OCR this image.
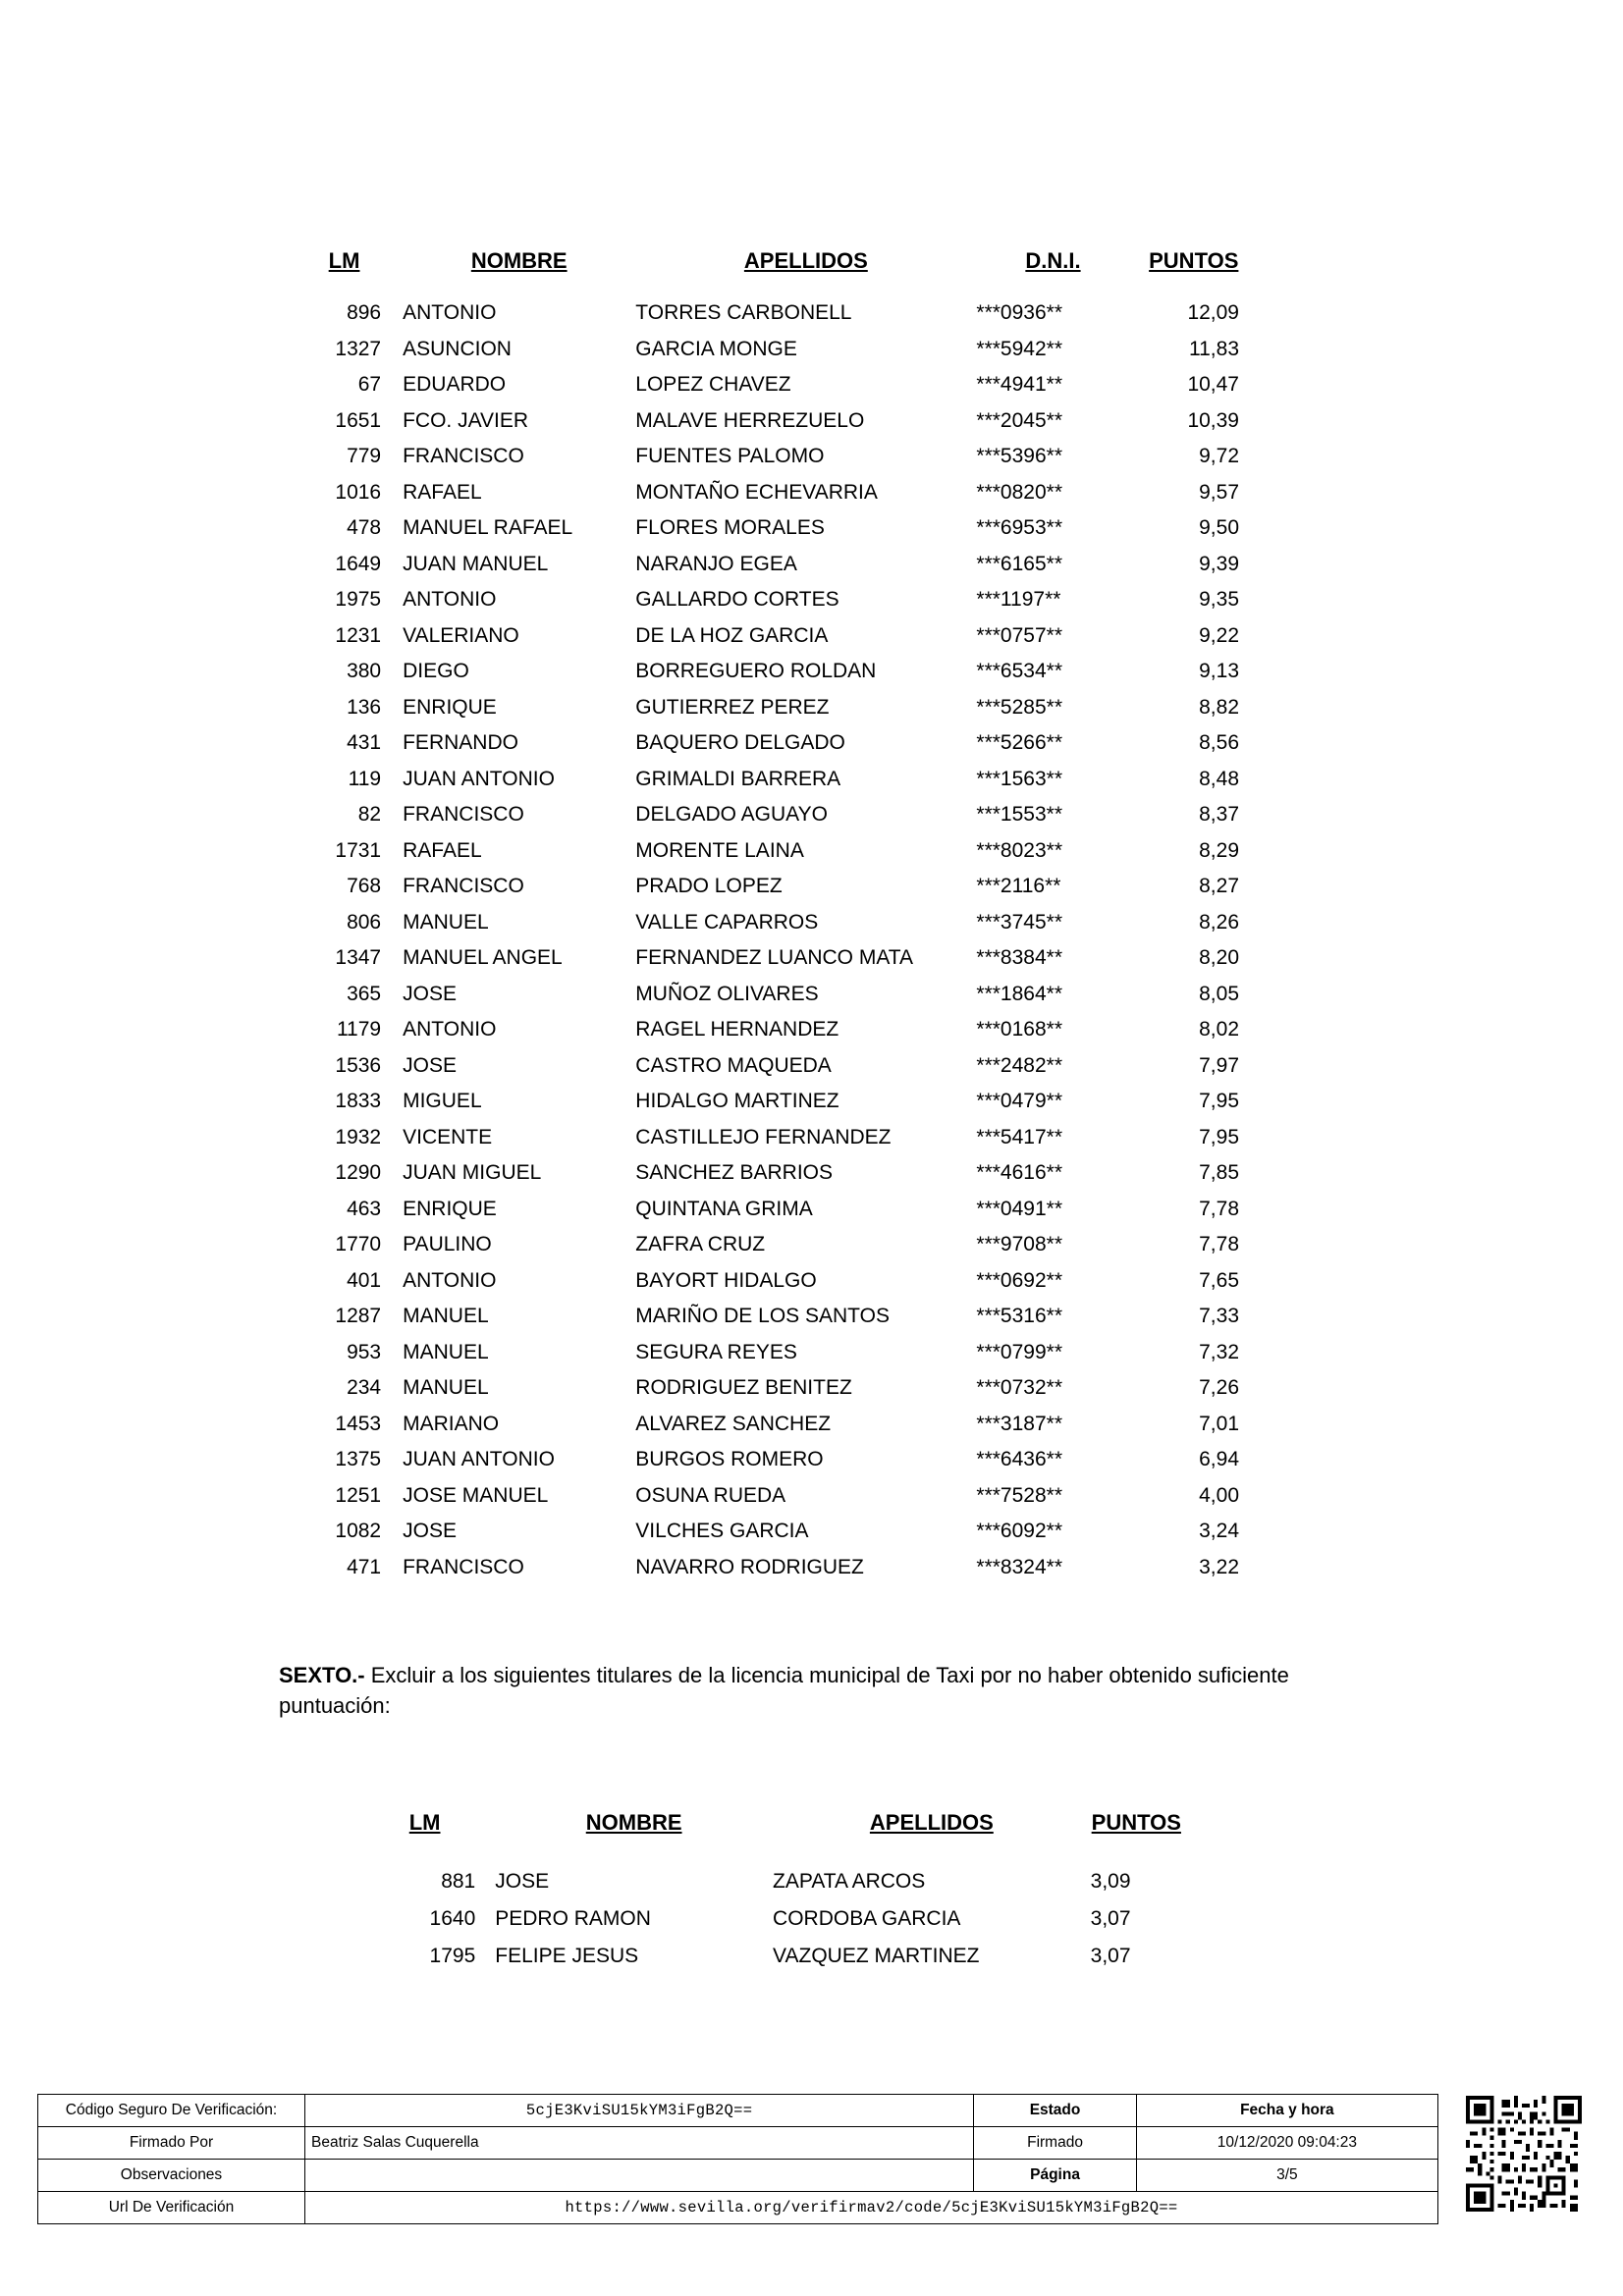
LM	NOMBRE	APELLIDOS	D.N.I.	PUNTOS
896	ANTONIO	TORRES CARBONELL	***0936**	12,09
1327	ASUNCION	GARCIA MONGE	***5942**	11,83
67	EDUARDO	LOPEZ CHAVEZ	***4941**	10,47
1651	FCO. JAVIER	MALAVE HERREZUELO	***2045**	10,39
779	FRANCISCO	FUENTES PALOMO	***5396**	9,72
1016	RAFAEL	MONTAÑO ECHEVARRIA	***0820**	9,57
478	MANUEL RAFAEL	FLORES MORALES	***6953**	9,50
1649	JUAN MANUEL	NARANJO EGEA	***6165**	9,39
1975	ANTONIO	GALLARDO CORTES	***1197**	9,35
1231	VALERIANO	DE LA HOZ GARCIA	***0757**	9,22
380	DIEGO	BORREGUERO ROLDAN	***6534**	9,13
136	ENRIQUE	GUTIERREZ PEREZ	***5285**	8,82
431	FERNANDO	BAQUERO DELGADO	***5266**	8,56
119	JUAN ANTONIO	GRIMALDI BARRERA	***1563**	8,48
82	FRANCISCO	DELGADO AGUAYO	***1553**	8,37
1731	RAFAEL	MORENTE LAINA	***8023**	8,29
768	FRANCISCO	PRADO LOPEZ	***2116**	8,27
806	MANUEL	VALLE CAPARROS	***3745**	8,26
1347	MANUEL ANGEL	FERNANDEZ LUANCO MATA	***8384**	8,20
365	JOSE	MUÑOZ OLIVARES	***1864**	8,05
1179	ANTONIO	RAGEL HERNANDEZ	***0168**	8,02
1536	JOSE	CASTRO MAQUEDA	***2482**	7,97
1833	MIGUEL	HIDALGO MARTINEZ	***0479**	7,95
1932	VICENTE	CASTILLEJO FERNANDEZ	***5417**	7,95
1290	JUAN MIGUEL	SANCHEZ BARRIOS	***4616**	7,85
463	ENRIQUE	QUINTANA GRIMA	***0491**	7,78
1770	PAULINO	ZAFRA CRUZ	***9708**	7,78
401	ANTONIO	BAYORT HIDALGO	***0692**	7,65
1287	MANUEL	MARIÑO DE LOS SANTOS	***5316**	7,33
953	MANUEL	SEGURA REYES	***0799**	7,32
234	MANUEL	RODRIGUEZ BENITEZ	***0732**	7,26
1453	MARIANO	ALVAREZ SANCHEZ	***3187**	7,01
1375	JUAN ANTONIO	BURGOS ROMERO	***6436**	6,94
1251	JOSE MANUEL	OSUNA RUEDA	***7528**	4,00
1082	JOSE	VILCHES GARCIA	***6092**	3,24
471	FRANCISCO	NAVARRO RODRIGUEZ	***8324**	3,22
SEXTO.- Excluir a los siguientes titulares de la licencia municipal de Taxi por no haber obtenido suficiente puntuación:
LM	NOMBRE	APELLIDOS	PUNTOS
881	JOSE	ZAPATA ARCOS	3,09
1640	PEDRO RAMON	CORDOBA GARCIA	3,07
1795	FELIPE JESUS	VAZQUEZ MARTINEZ	3,07
Código Seguro De Verificación:	5cjE3KviSU15kYM3iFgB2Q==	Estado	Fecha y hora
Firmado Por	Beatriz Salas Cuquerella	Firmado	10/12/2020 09:04:23
Observaciones		Página	3/5
Url De Verificación	https://www.sevilla.org/verifirmav2/code/5cjE3KviSU15kYM3iFgB2Q==		
